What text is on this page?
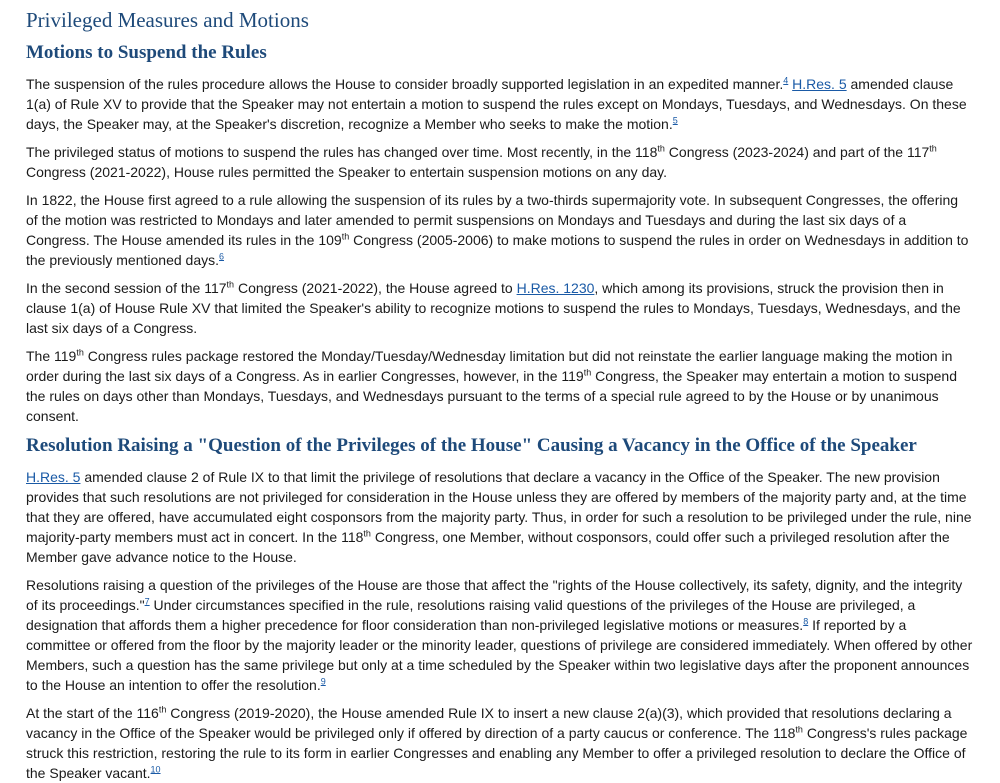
Privileged Measures and Motions
Motions to Suspend the Rules

The suspension of the rules procedure allows the House to consider broadly supported legislation in an expedited manner.$^4$ H.Res. 5 amended clause 1(a) of Rule XV to provide that the Speaker may not entertain a motion to suspend the rules except on Mondays, Tuesdays, and Wednesdays. On these days, the Speaker may, at the Speaker's discretion, recognize a Member who seeks to make the motion.$^5$

The privileged status of motions to suspend the rules has changed over time. Most recently, in the 118th Congress (2023-2024) and part of the 117th Congress (2021-2022), House rules permitted the Speaker to entertain suspension motions on any day.

In 1822, the House first agreed to a rule allowing the suspension of its rules by a two-thirds supermajority vote. In subsequent Congresses, the offering of the motion was restricted to Mondays and later amended to permit suspensions on Mondays and Tuesdays and during the last six days of a Congress. The House amended its rules in the 109th Congress (2005-2006) to make motions to suspend the rules in order on Wednesdays in addition to the previously mentioned days.$^6$

In the second session of the 117th Congress (2021-2022), the House agreed to H.Res. 1230, which among its provisions, struck the provision then in clause 1(a) of House Rule XV that limited the Speaker's ability to recognize motions to suspend the rules to Mondays, Tuesdays, Wednesdays, and the last six days of a Congress.

The 119th Congress rules package restored the Monday/Tuesday/Wednesday limitation but did not reinstate the earlier language making the motion in order during the last six days of a Congress. As in earlier Congresses, however, in the 119th Congress, the Speaker may entertain a motion to suspend the rules on days other than Mondays, Tuesdays, and Wednesdays pursuant to the terms of a special rule agreed to by the House or by unanimous consent.

Resolution Raising a "Question of the Privileges of the House" Causing a Vacancy in the Office of the Speaker

H.Res. 5 amended clause 2 of Rule IX to that limit the privilege of resolutions that declare a vacancy in the Office of the Speaker. The new provision provides that such resolutions are not privileged for consideration in the House unless they are offered by members of the majority party and, at the time that they are offered, have accumulated eight cosponsors from the majority party. Thus, in order for such a resolution to be privileged under the rule, nine majority-party members must act in concert. In the 118th Congress, one Member, without cosponsors, could offer such a privileged resolution after the Member gave advance notice to the House.

Resolutions raising a question of the privileges of the House are those that affect the "rights of the House collectively, its safety, dignity, and the integrity of its proceedings."$^7$ Under circumstances specified in the rule, resolutions raising valid questions of the privileges of the House are privileged, a designation that affords them a higher precedence for floor consideration than non-privileged legislative motions or measures.$^8$ If reported by a committee or offered from the floor by the majority leader or the minority leader, questions of privilege are considered immediately. When offered by other Members, such a question has the same privilege but only at a time scheduled by the Speaker within two legislative days after the proponent announces to the House an intention to offer the resolution.$^9$

At the start of the 116th Congress (2019-2020), the House amended Rule IX to insert a new clause 2(a)(3), which provided that resolutions declaring a vacancy in the Office of the Speaker would be privileged only if offered by direction of a party caucus or conference. The 118th Congress's rules package struck this restriction, restoring the rule to its form in earlier Congresses and enabling any Member to offer a privileged resolution to declare the Office of the Speaker vacant.$^{10}$
